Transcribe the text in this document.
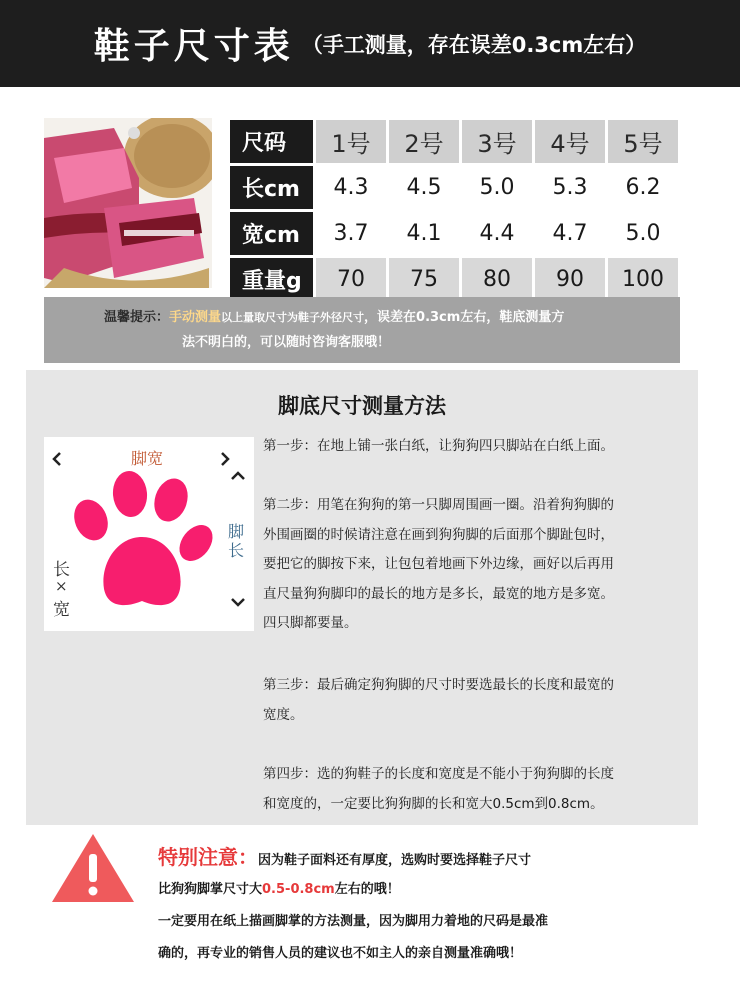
鞋子尺寸表 （手工测量，存在误差0.3cm左右）
尺码	1号	2号	3号	4号	5号
长cm	4.3	4.5	5.0	5.3	6.2
宽cm	3.7	4.1	4.4	4.7	5.0
重量g	70	75	80	90	100
温馨提示：手动测量以上量取尺寸为鞋子外径尺寸，误差在0.3cm左右，鞋底测量方
法不明白的，可以随时咨询客服哦！
脚底尺寸测量方法
脚宽
脚
长
长
×
宽
第一步：在地上铺一张白纸，让狗狗四只脚站在白纸上面。
第二步：用笔在狗狗的第一只脚周围画一圈。沿着狗狗脚的
外围画圈的时候请注意在画到狗狗脚的后面那个脚趾包时，
要把它的脚按下来，让包包着地画下外边缘，画好以后再用
直尺量狗狗脚印的最长的地方是多长，最宽的地方是多宽。
四只脚都要量。
第三步：最后确定狗狗脚的尺寸时要选最长的长度和最宽的
宽度。
第四步：选的狗鞋子的长度和宽度是不能小于狗狗脚的长度
和宽度的，一定要比狗狗脚的长和宽大0.5cm到0.8cm。
特别注意：因为鞋子面料还有厚度，选购时要选择鞋子尺寸
比狗狗脚掌尺寸大0.5-0.8cm左右的哦！
一定要用在纸上描画脚掌的方法测量，因为脚用力着地的尺码是最准
确的，再专业的销售人员的建议也不如主人的亲自测量准确哦！
